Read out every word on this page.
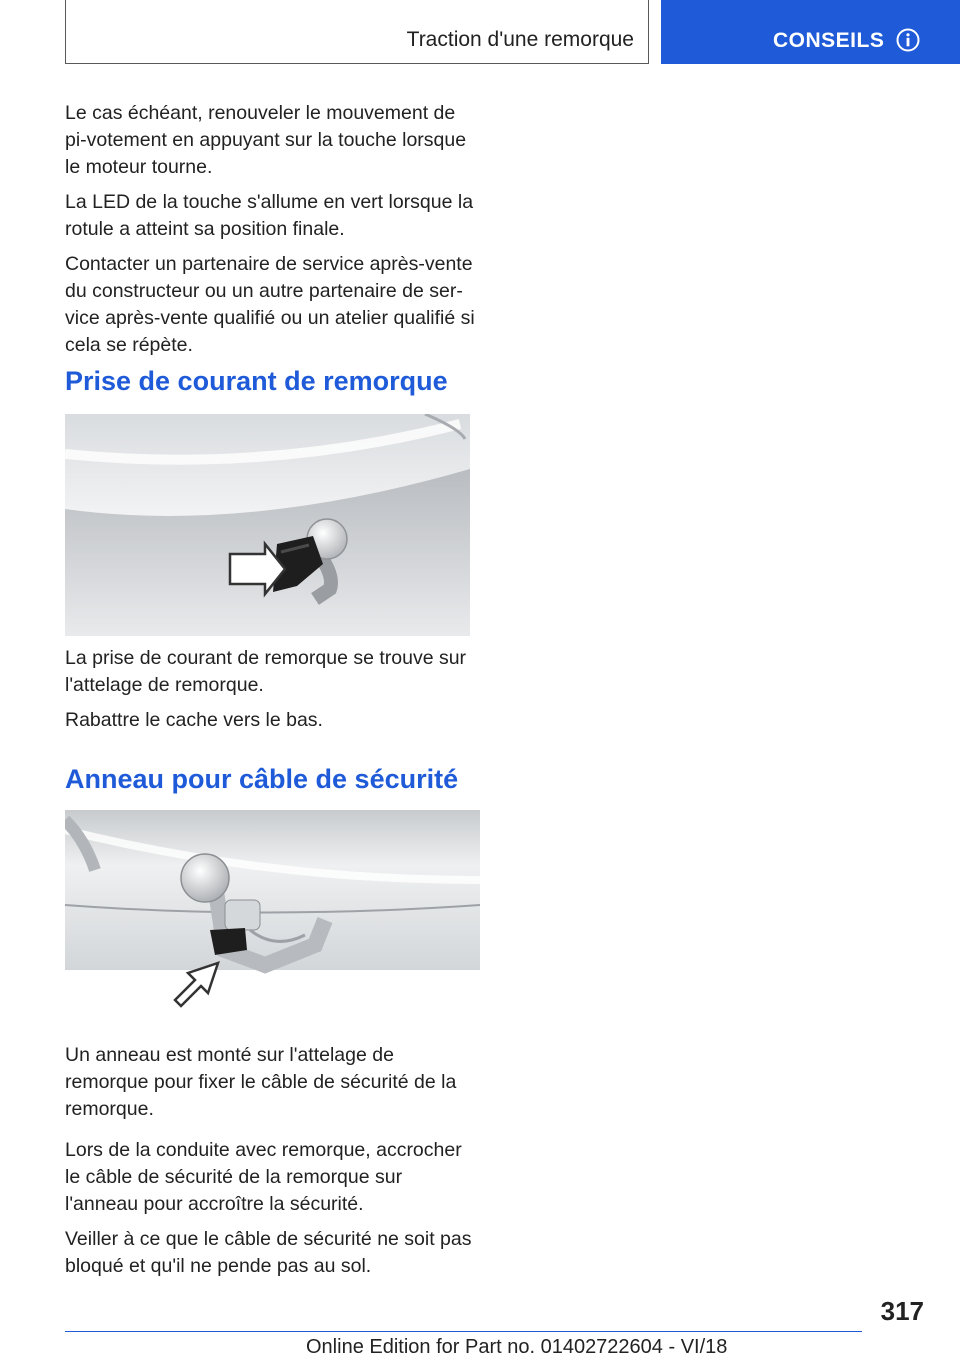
Traction d'une remorque	CONSEILS

Le cas échéant, renouveler le mouvement de pi-votement en appuyant sur la touche lorsque le moteur tourne.

La LED de la touche s'allume en vert lorsque la rotule a atteint sa position finale.

Contacter un partenaire de service après-vente du constructeur ou un autre partenaire de ser-vice après-vente qualifié ou un atelier qualifié si cela se répète.

Prise de courant de remorque

La prise de courant de remorque se trouve sur l'attelage de remorque.

Rabattre le cache vers le bas.

Anneau pour câble de sécurité

Un anneau est monté sur l'attelage de remorque pour fixer le câble de sécurité de la remorque.

Lors de la conduite avec remorque, accrocher le câble de sécurité de la remorque sur l'anneau pour accroître la sécurité.

Veiller à ce que le câble de sécurité ne soit pas bloqué et qu'il ne pende pas au sol.

317
Online Edition for Part no. 01402722604 - VI/18
